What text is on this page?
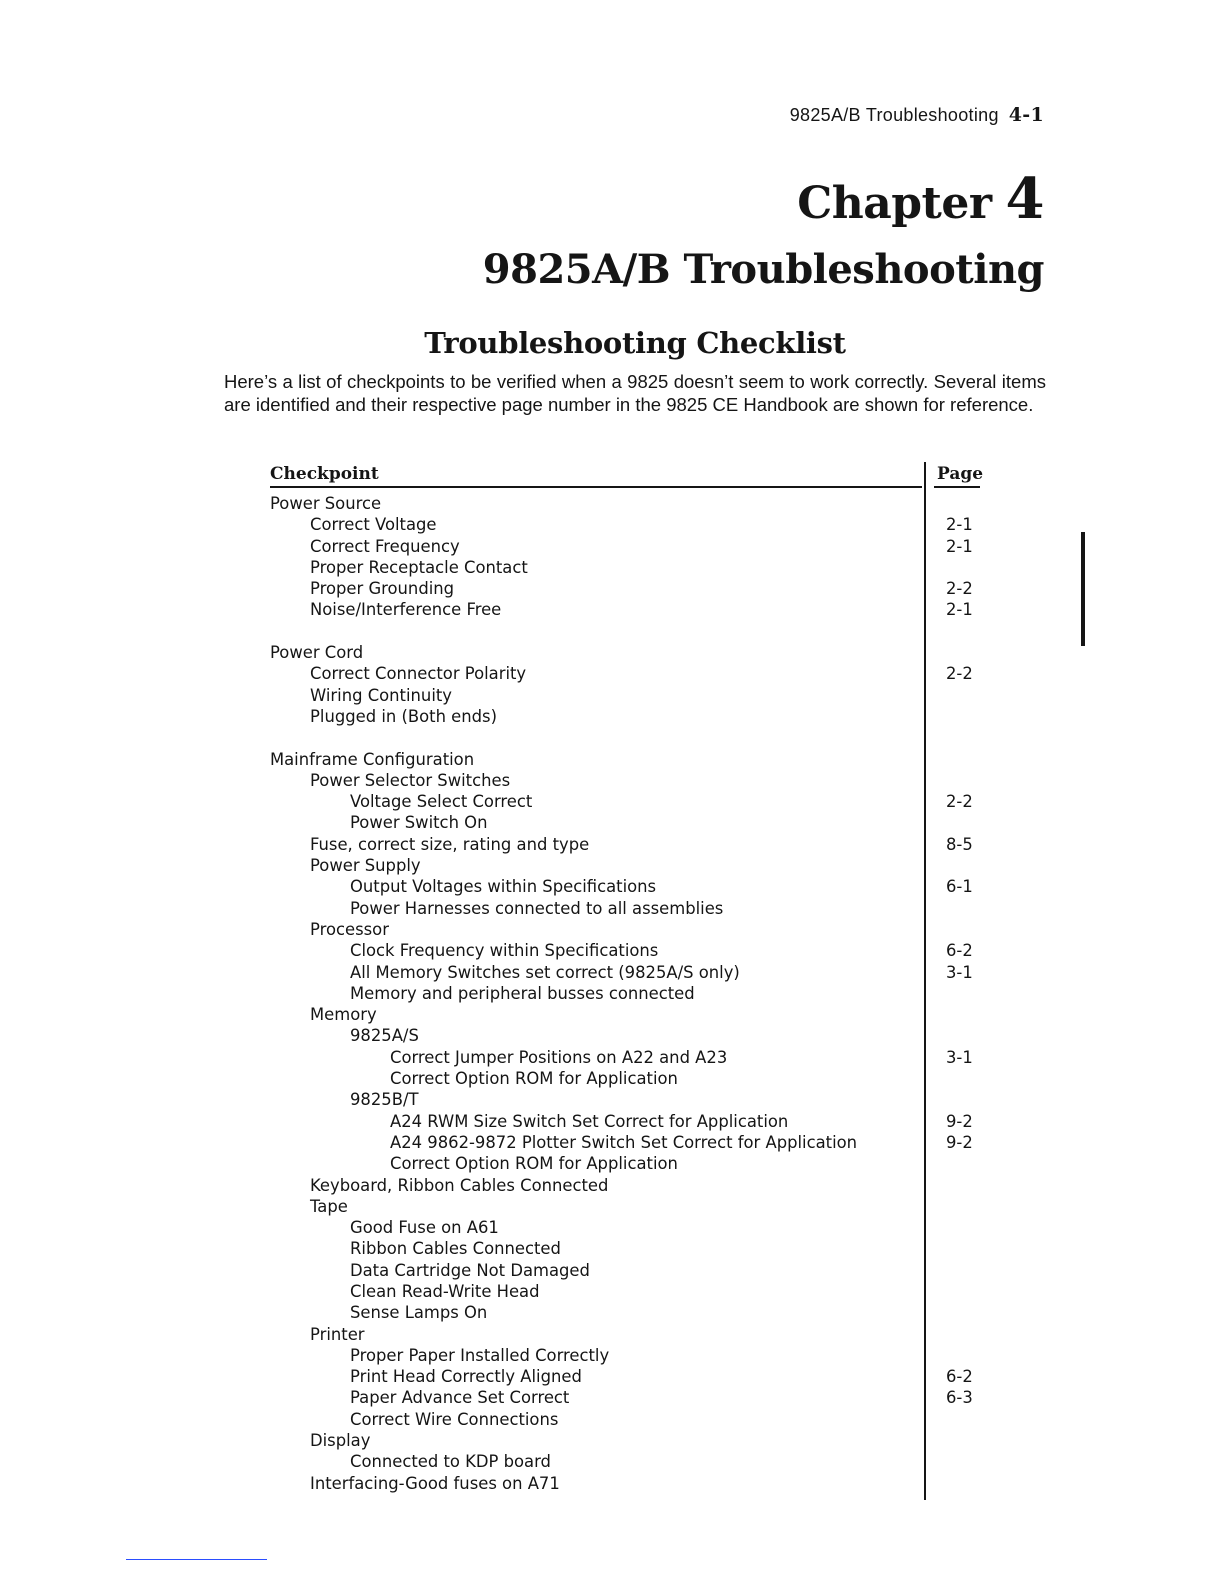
9825A/B Troubleshooting 4-1
Chapter 4
9825A/B Troubleshooting
Troubleshooting Checklist
Here’s a list of checkpoints to be verified when a 9825 doesn’t seem to work correctly. Several items are identified and their respective page number in the 9825 CE Handbook are shown for reference.
Checkpoint	Page
Power Source
Correct Voltage	2-1
Correct Frequency	2-1
Proper Receptacle Contact
Proper Grounding	2-2
Noise/Interference Free	2-1
Power Cord
Correct Connector Polarity	2-2
Wiring Continuity
Plugged in (Both ends)
Mainframe Configuration
Power Selector Switches
Voltage Select Correct	2-2
Power Switch On
Fuse, correct size, rating and type	8-5
Power Supply
Output Voltages within Specifications	6-1
Power Harnesses connected to all assemblies
Processor
Clock Frequency within Specifications	6-2
All Memory Switches set correct (9825A/S only)	3-1
Memory and peripheral busses connected
Memory
9825A/S
Correct Jumper Positions on A22 and A23	3-1
Correct Option ROM for Application
9825B/T
A24 RWM Size Switch Set Correct for Application	9-2
A24 9862-9872 Plotter Switch Set Correct for Application	9-2
Correct Option ROM for Application
Keyboard, Ribbon Cables Connected
Tape
Good Fuse on A61
Ribbon Cables Connected
Data Cartridge Not Damaged
Clean Read-Write Head
Sense Lamps On
Printer
Proper Paper Installed Correctly
Print Head Correctly Aligned	6-2
Paper Advance Set Correct	6-3
Correct Wire Connections
Display
Connected to KDP board
Interfacing-Good fuses on A71
